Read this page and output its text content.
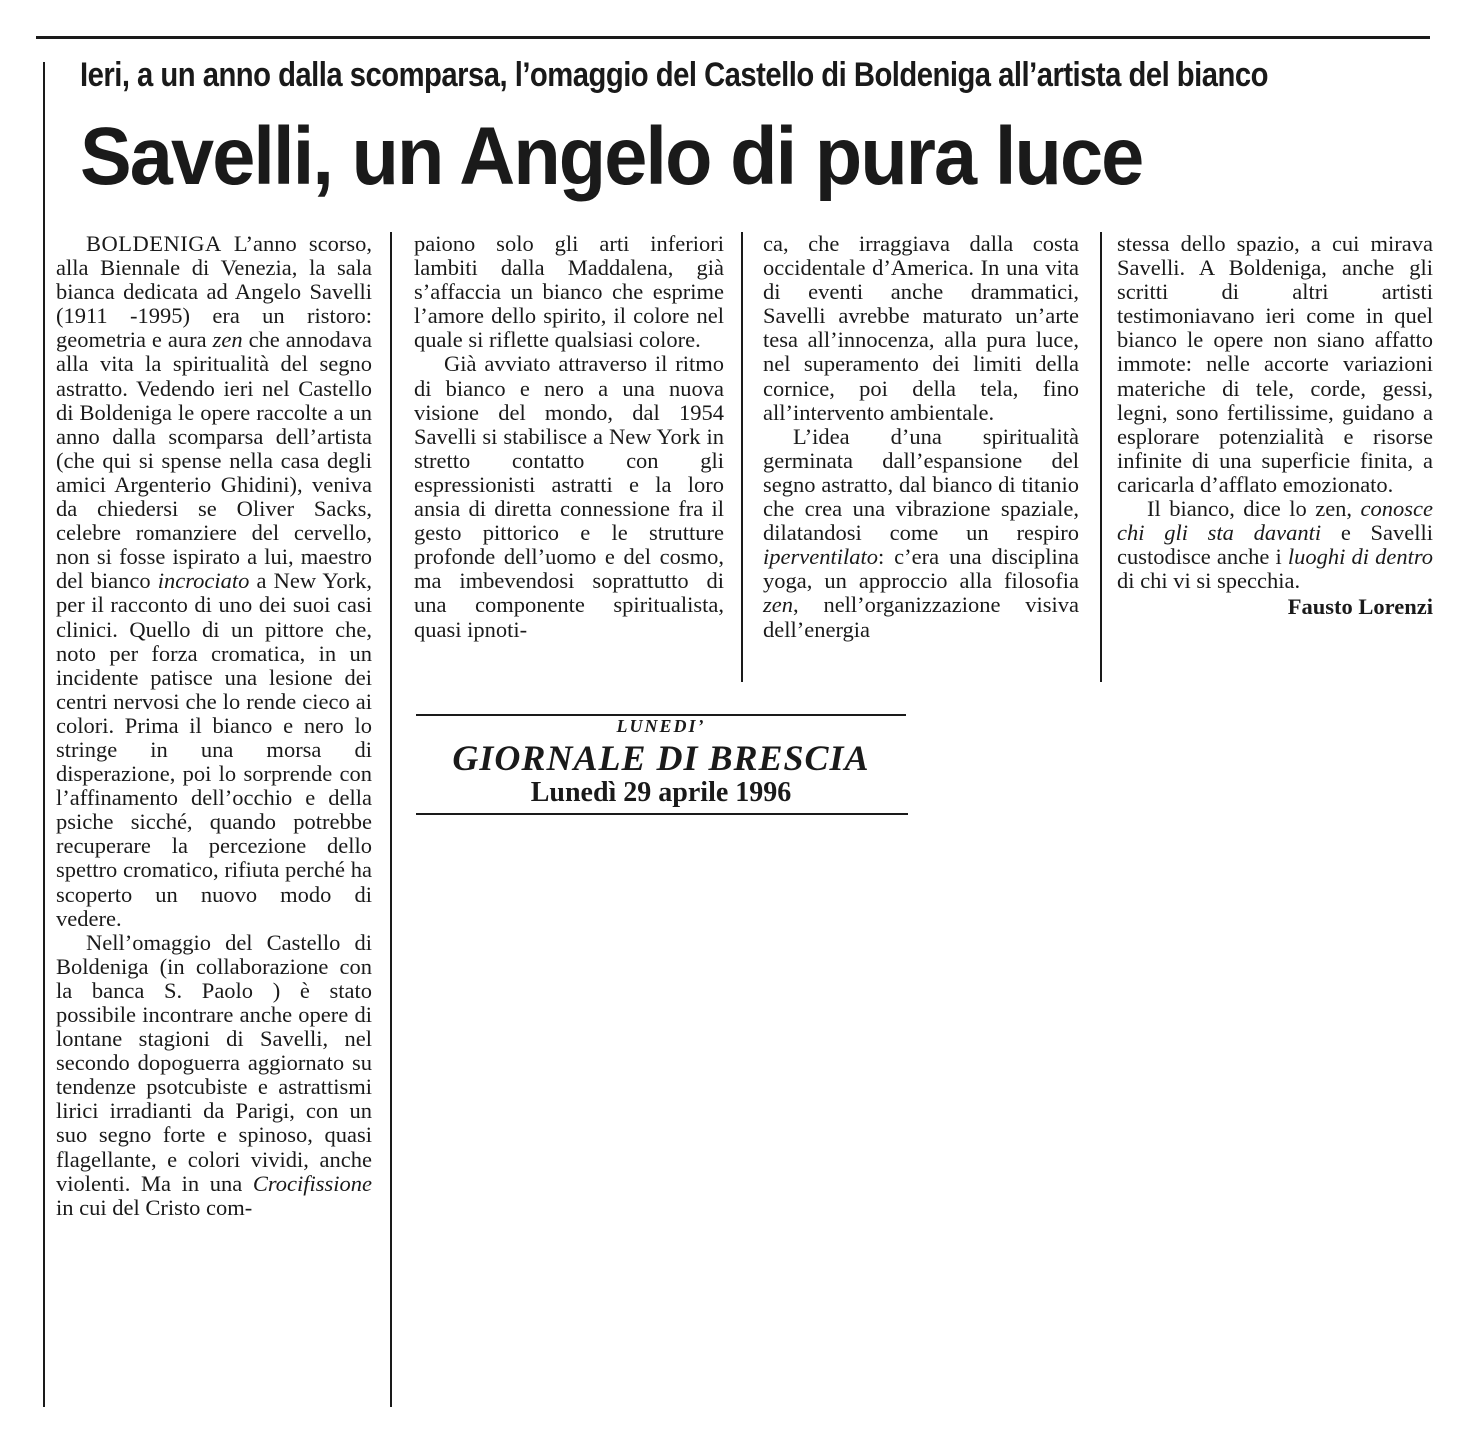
Ieri, a un anno dalla scomparsa, l’omaggio del Castello di Boldeniga all’artista del bianco
Savelli, un Angelo di pura luce

BOLDENIGA L’anno scorso, alla Biennale di Venezia, la sala bianca dedicata ad Angelo Savelli (1911 -1995) era un ristoro: geometria e aura zen che annodava alla vita la spiritualità del segno astratto. Vedendo ieri nel Castello di Boldeniga le opere raccolte a un anno dalla scomparsa dell’artista (che qui si spense nella casa degli amici Argenterio Ghidini), veniva da chiedersi se Oliver Sacks, celebre romanziere del cervello, non si fosse ispirato a lui, maestro del bianco incrociato a New York, per il racconto di uno dei suoi casi clinici. Quello di un pittore che, noto per forza cromatica, in un incidente patisce una lesione dei centri nervosi che lo rende cieco ai colori. Prima il bianco e nero lo stringe in una morsa di disperazione, poi lo sorprende con l’affinamento dell’occhio e della psiche sicché, quando potrebbe recuperare la percezione dello spettro cromatico, rifiuta perché ha scoperto un nuovo modo di vedere.

Nell’omaggio del Castello di Boldeniga (in collaborazione con la banca S. Paolo ) è stato possibile incontrare anche opere di lontane stagioni di Savelli, nel secondo dopoguerra aggiornato su tendenze psotcubiste e astrattismi lirici irradianti da Parigi, con un suo segno forte e spinoso, quasi flagellante, e colori vividi, anche violenti. Ma in una Crocifissione in cui del Cristo com-

paiono solo gli arti inferiori lambiti dalla Maddalena, già s’affaccia un bianco che esprime l’amore dello spirito, il colore nel quale si riflette qualsiasi colore.

Già avviato attraverso il ritmo di bianco e nero a una nuova visione del mondo, dal 1954 Savelli si stabilisce a New York in stretto contatto con gli espressionisti astratti e la loro ansia di diretta connessione fra il gesto pittorico e le strutture profonde dell’uomo e del cosmo, ma imbevendosi soprattutto di una componente spiritualista, quasi ipnoti-

ca, che irraggiava dalla costa occidentale d’America. In una vita di eventi anche drammatici, Savelli avrebbe maturato un’arte tesa all’innocenza, alla pura luce, nel superamento dei limiti della cornice, poi della tela, fino all’intervento ambientale.

L’idea d’una spiritualità germinata dall’espansione del segno astratto, dal bianco di titanio che crea una vibrazione spaziale, dilatandosi come un respiro iperventilato: c’era una disciplina yoga, un approccio alla filosofia zen, nell’organizzazione visiva dell’energia

stessa dello spazio, a cui mirava Savelli. A Boldeniga, anche gli scritti di altri artisti testimoniavano ieri come in quel bianco le opere non siano affatto immote: nelle accorte variazioni materiche di tele, corde, gessi, legni, sono fertilissime, guidano a esplorare potenzialità e risorse infinite di una superficie finita, a caricarla d’afflato emozionato.

Il bianco, dice lo zen, conosce chi gli sta davanti e Savelli custodisce anche i luoghi di dentro di chi vi si specchia.

Fausto Lorenzi
LUNEDI’
GIORNALE DI BRESCIA
Lunedì 29 aprile 1996
